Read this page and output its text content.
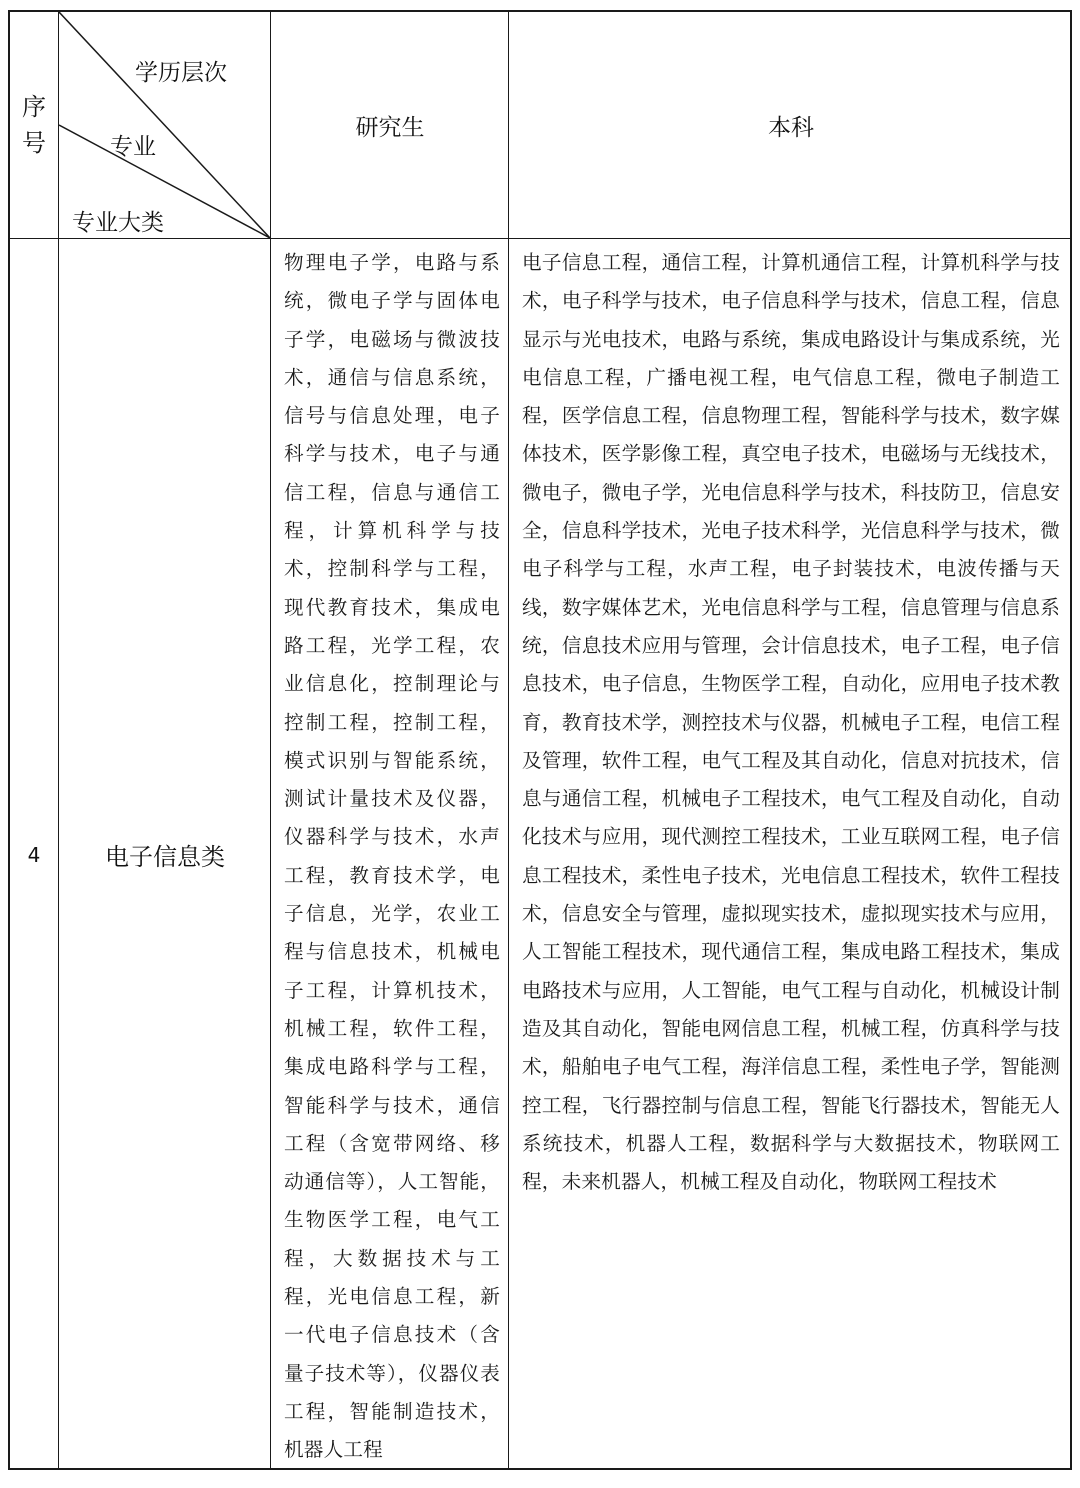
序
号
学历层次
专业
专业大类
研究生	本科
4	电子信息类
物理电子学，电路与系统，微电子学与固体电子学，电磁场与微波技术，通信与信息系统，信号与信息处理，电子科学与技术，电子与通信工程，信息与通信工程，计算机科学与技术，控制科学与工程，现代教育技术，集成电路工程，光学工程，农业信息化，控制理论与控制工程，控制工程，模式识别与智能系统，测试计量技术及仪器，仪器科学与技术，水声工程，教育技术学，电子信息，光学，农业工程与信息技术，机械电子工程，计算机技术，机械工程，软件工程，集成电路科学与工程，智能科学与技术，通信工程（含宽带网络、移动通信等），人工智能，生物医学工程，电气工程，大数据技术与工程，光电信息工程，新一代电子信息技术（含量子技术等），仪器仪表工程，智能制造技术，机器人工程
电子信息工程，通信工程，计算机通信工程，计算机科学与技术，电子科学与技术，电子信息科学与技术，信息工程，信息显示与光电技术，电路与系统，集成电路设计与集成系统，光电信息工程，广播电视工程，电气信息工程，微电子制造工程，医学信息工程，信息物理工程，智能科学与技术，数字媒体技术，医学影像工程，真空电子技术，电磁场与无线技术，微电子，微电子学，光电信息科学与技术，科技防卫，信息安全，信息科学技术，光电子技术科学，光信息科学与技术，微电子科学与工程，水声工程，电子封装技术，电波传播与天线，数字媒体艺术，光电信息科学与工程，信息管理与信息系统，信息技术应用与管理，会计信息技术，电子工程，电子信息技术，电子信息，生物医学工程，自动化，应用电子技术教育，教育技术学，测控技术与仪器，机械电子工程，电信工程及管理，软件工程，电气工程及其自动化，信息对抗技术，信息与通信工程，机械电子工程技术，电气工程及自动化，自动化技术与应用，现代测控工程技术，工业互联网工程，电子信息工程技术，柔性电子技术，光电信息工程技术，软件工程技术，信息安全与管理，虚拟现实技术，虚拟现实技术与应用，人工智能工程技术，现代通信工程，集成电路工程技术，集成电路技术与应用，人工智能，电气工程与自动化，机械设计制造及其自动化，智能电网信息工程，机械工程，仿真科学与技术，船舶电子电气工程，海洋信息工程，柔性电子学，智能测控工程，飞行器控制与信息工程，智能飞行器技术，智能无人系统技术，机器人工程，数据科学与大数据技术，物联网工程，未来机器人，机械工程及自动化，物联网工程技术
